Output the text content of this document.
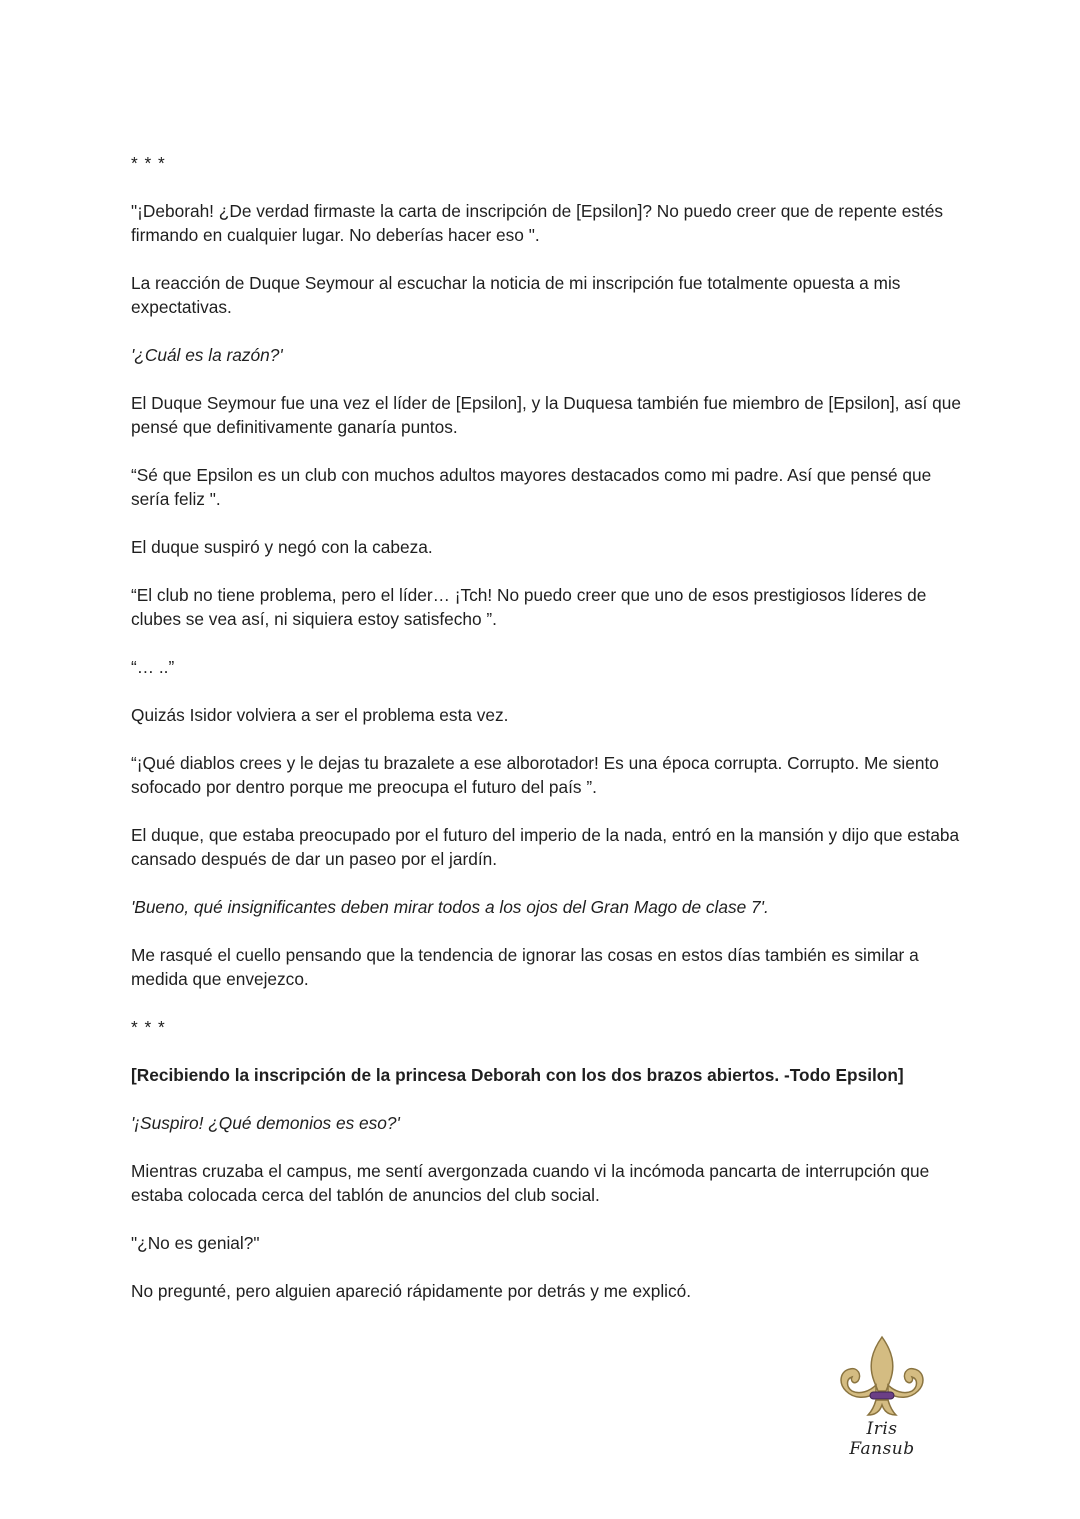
* * *

"¡Deborah! ¿De verdad firmaste la carta de inscripción de [Epsilon]? No puedo creer que de repente estés firmando en cualquier lugar. No deberías hacer eso ".

La reacción de Duque Seymour al escuchar la noticia de mi inscripción fue totalmente opuesta a mis expectativas.

'¿Cuál es la razón?'

El Duque Seymour fue una vez el líder de [Epsilon], y la Duquesa también fue miembro de [Epsilon], así que pensé que definitivamente ganaría puntos.

“Sé que Epsilon es un club con muchos adultos mayores destacados como mi padre. Así que pensé que sería feliz ".

El duque suspiró y negó con la cabeza.

“El club no tiene problema, pero el líder… ¡Tch! No puedo creer que uno de esos prestigiosos líderes de clubes se vea así, ni siquiera estoy satisfecho ”.

“… ..”

Quizás Isidor volviera a ser el problema esta vez.

“¡Qué diablos crees y le dejas tu brazalete a ese alborotador! Es una época corrupta. Corrupto. Me siento sofocado por dentro porque me preocupa el futuro del país ”.

El duque, que estaba preocupado por el futuro del imperio de la nada, entró en la mansión y dijo que estaba cansado después de dar un paseo por el jardín.

'Bueno, qué insignificantes deben mirar todos a los ojos del Gran Mago de clase 7'.

Me rasqué el cuello pensando que la tendencia de ignorar las cosas en estos días también es similar a medida que envejezco.

* * *

[Recibiendo la inscripción de la princesa Deborah con los dos brazos abiertos. -Todo Epsilon]

'¡Suspiro! ¿Qué demonios es eso?'

Mientras cruzaba el campus, me sentí avergonzada cuando vi la incómoda pancarta de interrupción que estaba colocada cerca del tablón de anuncios del club social.

"¿No es genial?"

No pregunté, pero alguien apareció rápidamente por detrás y me explicó.

Iris Fansub
